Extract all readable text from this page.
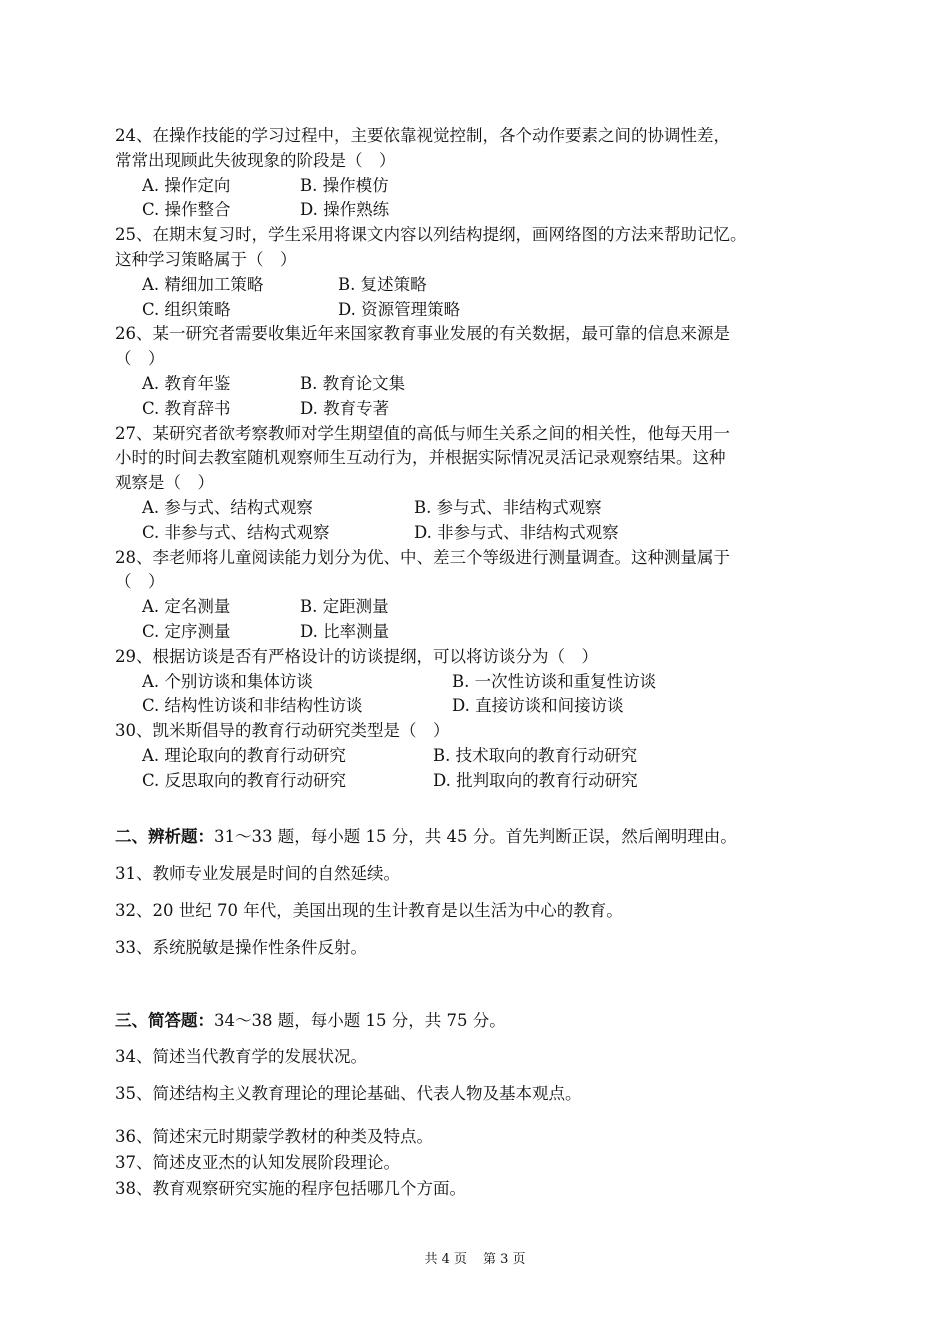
24、在操作技能的学习过程中，主要依靠视觉控制，各个动作要素之间的协调性差，
常常出现顾此失彼现象的阶段是（　）
A. 操作定向	B. 操作模仿
C. 操作整合	D. 操作熟练
25、在期末复习时，学生采用将课文内容以列结构提纲，画网络图的方法来帮助记忆。
这种学习策略属于（　）
A. 精细加工策略	B. 复述策略
C. 组织策略	D. 资源管理策略
26、某一研究者需要收集近年来国家教育事业发展的有关数据，最可靠的信息来源是
（　）
A. 教育年鉴	B. 教育论文集
C. 教育辞书	D. 教育专著
27、某研究者欲考察教师对学生期望值的高低与师生关系之间的相关性，他每天用一
小时的时间去教室随机观察师生互动行为，并根据实际情况灵活记录观察结果。这种
观察是（　）
A. 参与式、结构式观察	B. 参与式、非结构式观察
C. 非参与式、结构式观察	D. 非参与式、非结构式观察
28、李老师将儿童阅读能力划分为优、中、差三个等级进行测量调查。这种测量属于
（　）
A. 定名测量	B. 定距测量
C. 定序测量	D. 比率测量
29、根据访谈是否有严格设计的访谈提纲，可以将访谈分为（　）
A. 个别访谈和集体访谈	B. 一次性访谈和重复性访谈
C. 结构性访谈和非结构性访谈	D. 直接访谈和间接访谈
30、凯米斯倡导的教育行动研究类型是（　）
A. 理论取向的教育行动研究	B. 技术取向的教育行动研究
C. 反思取向的教育行动研究	D. 批判取向的教育行动研究
二、辨析题：31～33 题，每小题 15 分，共 45 分。首先判断正误，然后阐明理由。
31、教师专业发展是时间的自然延续。
32、20 世纪 70 年代，美国出现的生计教育是以生活为中心的教育。
33、系统脱敏是操作性条件反射。
三、简答题：34～38 题，每小题 15 分，共 75 分。
34、简述当代教育学的发展状况。
35、简述结构主义教育理论的理论基础、代表人物及基本观点。
36、简述宋元时期蒙学教材的种类及特点。
37、简述皮亚杰的认知发展阶段理论。
38、教育观察研究实施的程序包括哪几个方面。
共 4 页 第 3 页
